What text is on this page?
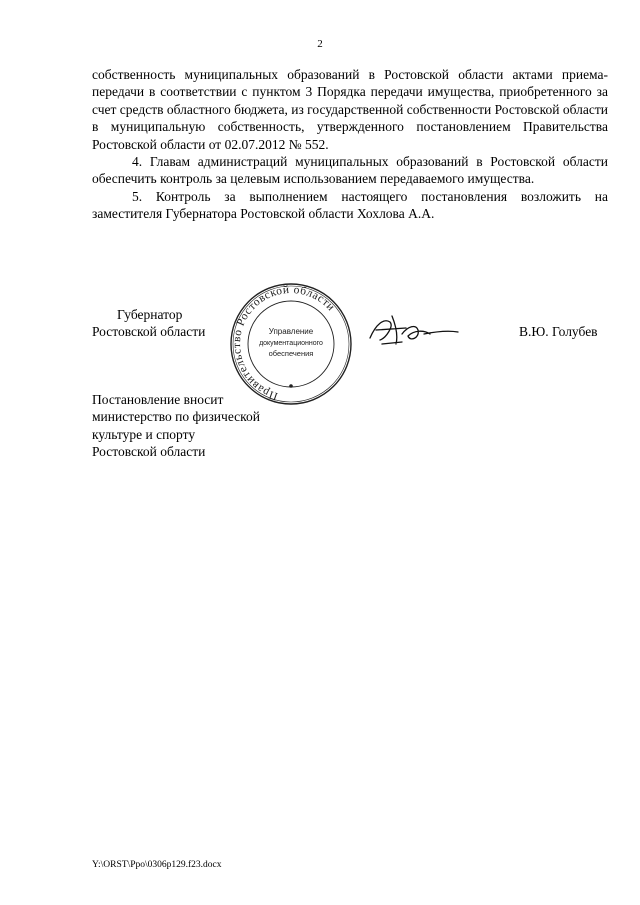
2

собственность муниципальных образований в Ростовской области актами приема-передачи в соответствии с пунктом 3 Порядка передачи имущества, приобретенного за счет средств областного бюджета, из государственной собственности Ростовской области в муниципальную собственность, утвержденного постановлением Правительства Ростовской области от 02.07.2012 № 552.

4. Главам администраций муниципальных образований в Ростовской области обеспечить контроль за целевым использованием передаваемого имущества.

5. Контроль за выполнением настоящего постановления возложить на заместителя Губернатора Ростовской области Хохлова А.А.

Губернатор
Ростовской области
Правительство Ростовской области
Управление
документационного
обеспечения
В.Ю. Голубев
Постановление вносит
министерство по физической
культуре и спорту
Ростовской области
Y:\ORST\Ppo\0306p129.f23.docx
